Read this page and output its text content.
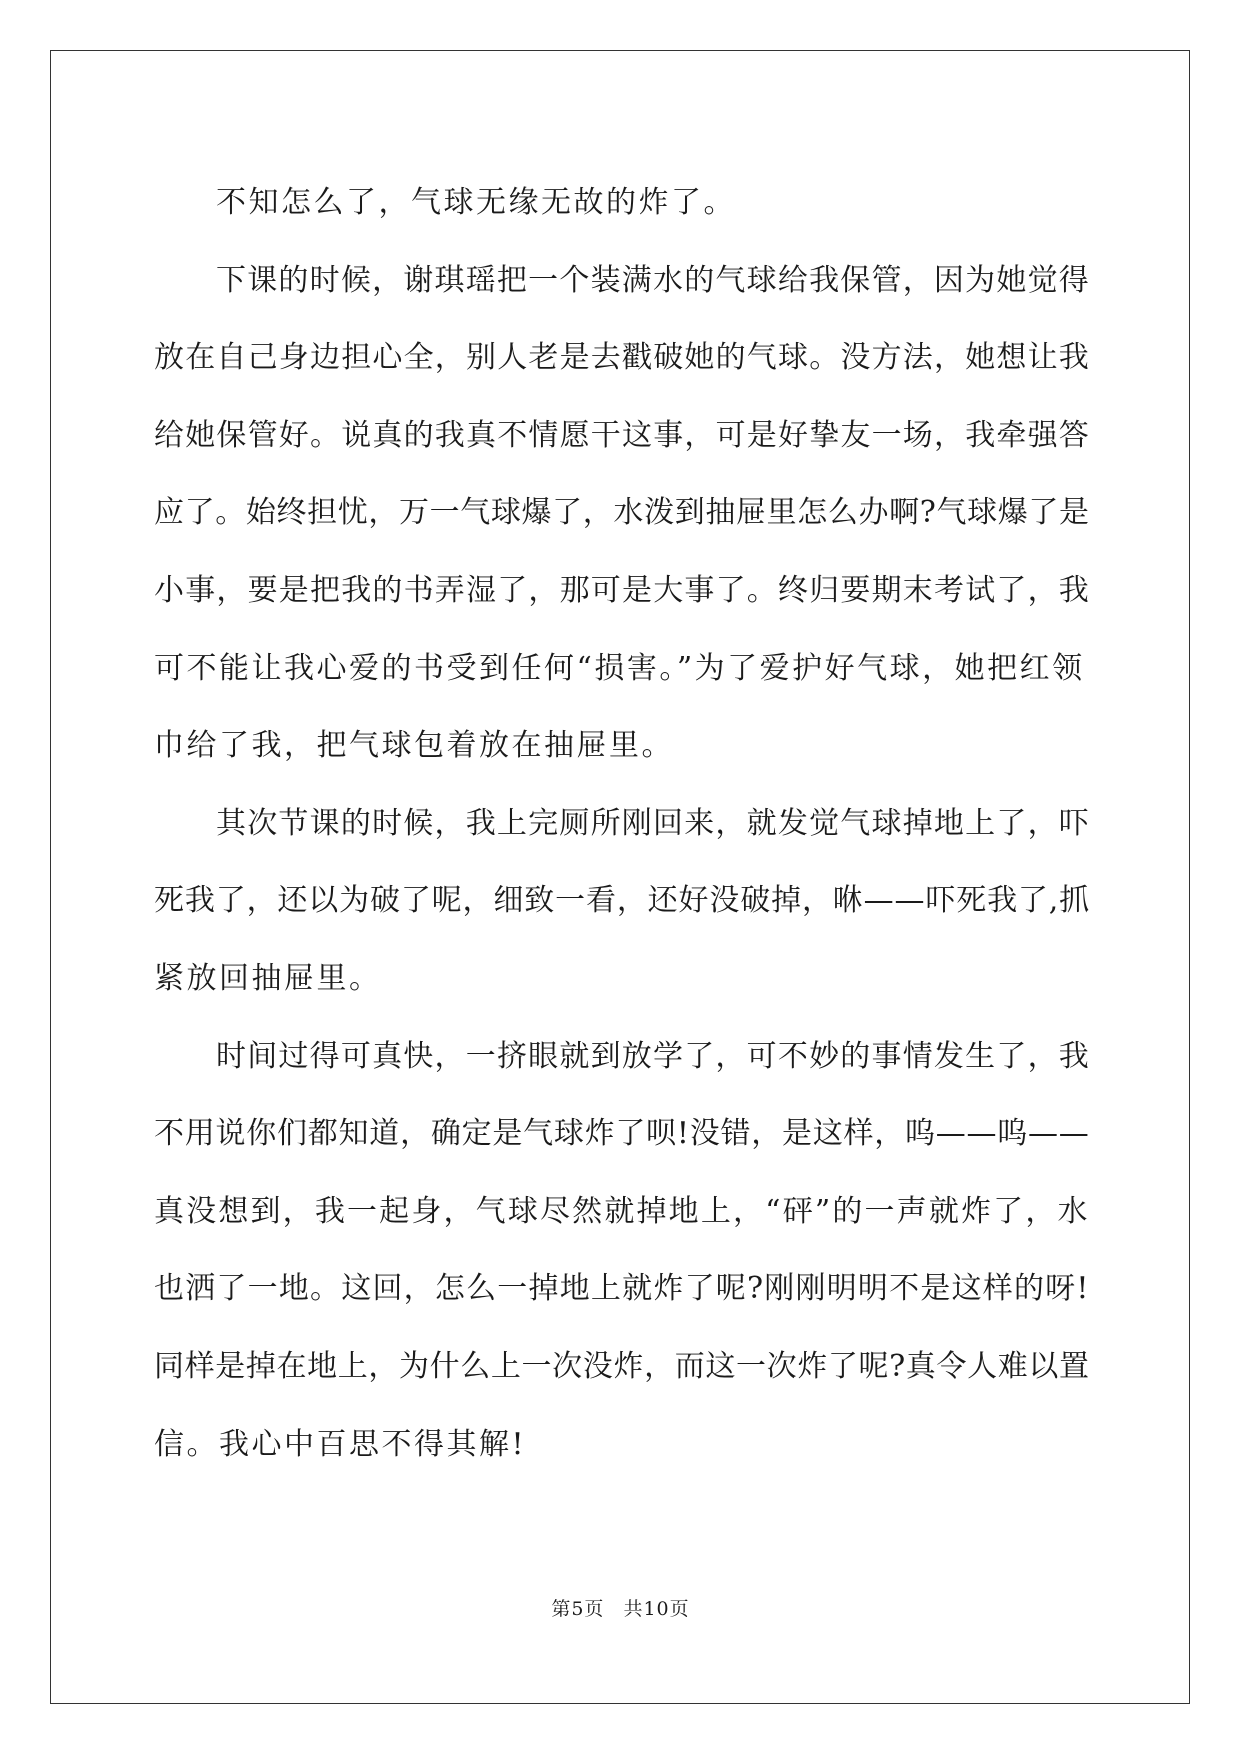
不知怎么了，气球无缘无故的炸了。
下课的时候，谢琪瑶把一个装满水的气球给我保管，因为她觉得
放在自己身边担心全，别人老是去戳破她的气球。没方法，她想让我
给她保管好。说真的我真不情愿干这事，可是好挚友一场，我牵强答
应了。始终担忧，万一气球爆了，水泼到抽屉里怎么办啊?气球爆了是
小事，要是把我的书弄湿了，那可是大事了。终归要期末考试了，我
可不能让我心爱的书受到任何“损害。”为了爱护好气球，她把红领
巾给了我，把气球包着放在抽屉里。
其次节课的时候，我上完厕所刚回来，就发觉气球掉地上了，吓
死我了，还以为破了呢，细致一看，还好没破掉，咻——吓死我了,抓
紧放回抽屉里。
时间过得可真快，一挤眼就到放学了，可不妙的事情发生了，我
不用说你们都知道，确定是气球炸了呗!没错，是这样，呜——呜——
真没想到，我一起身，气球尽然就掉地上，“砰”的一声就炸了，水
也洒了一地。这回，怎么一掉地上就炸了呢?刚刚明明不是这样的呀!
同样是掉在地上，为什么上一次没炸，而这一次炸了呢?真令人难以置
信。我心中百思不得其解!
第5页 共10页
